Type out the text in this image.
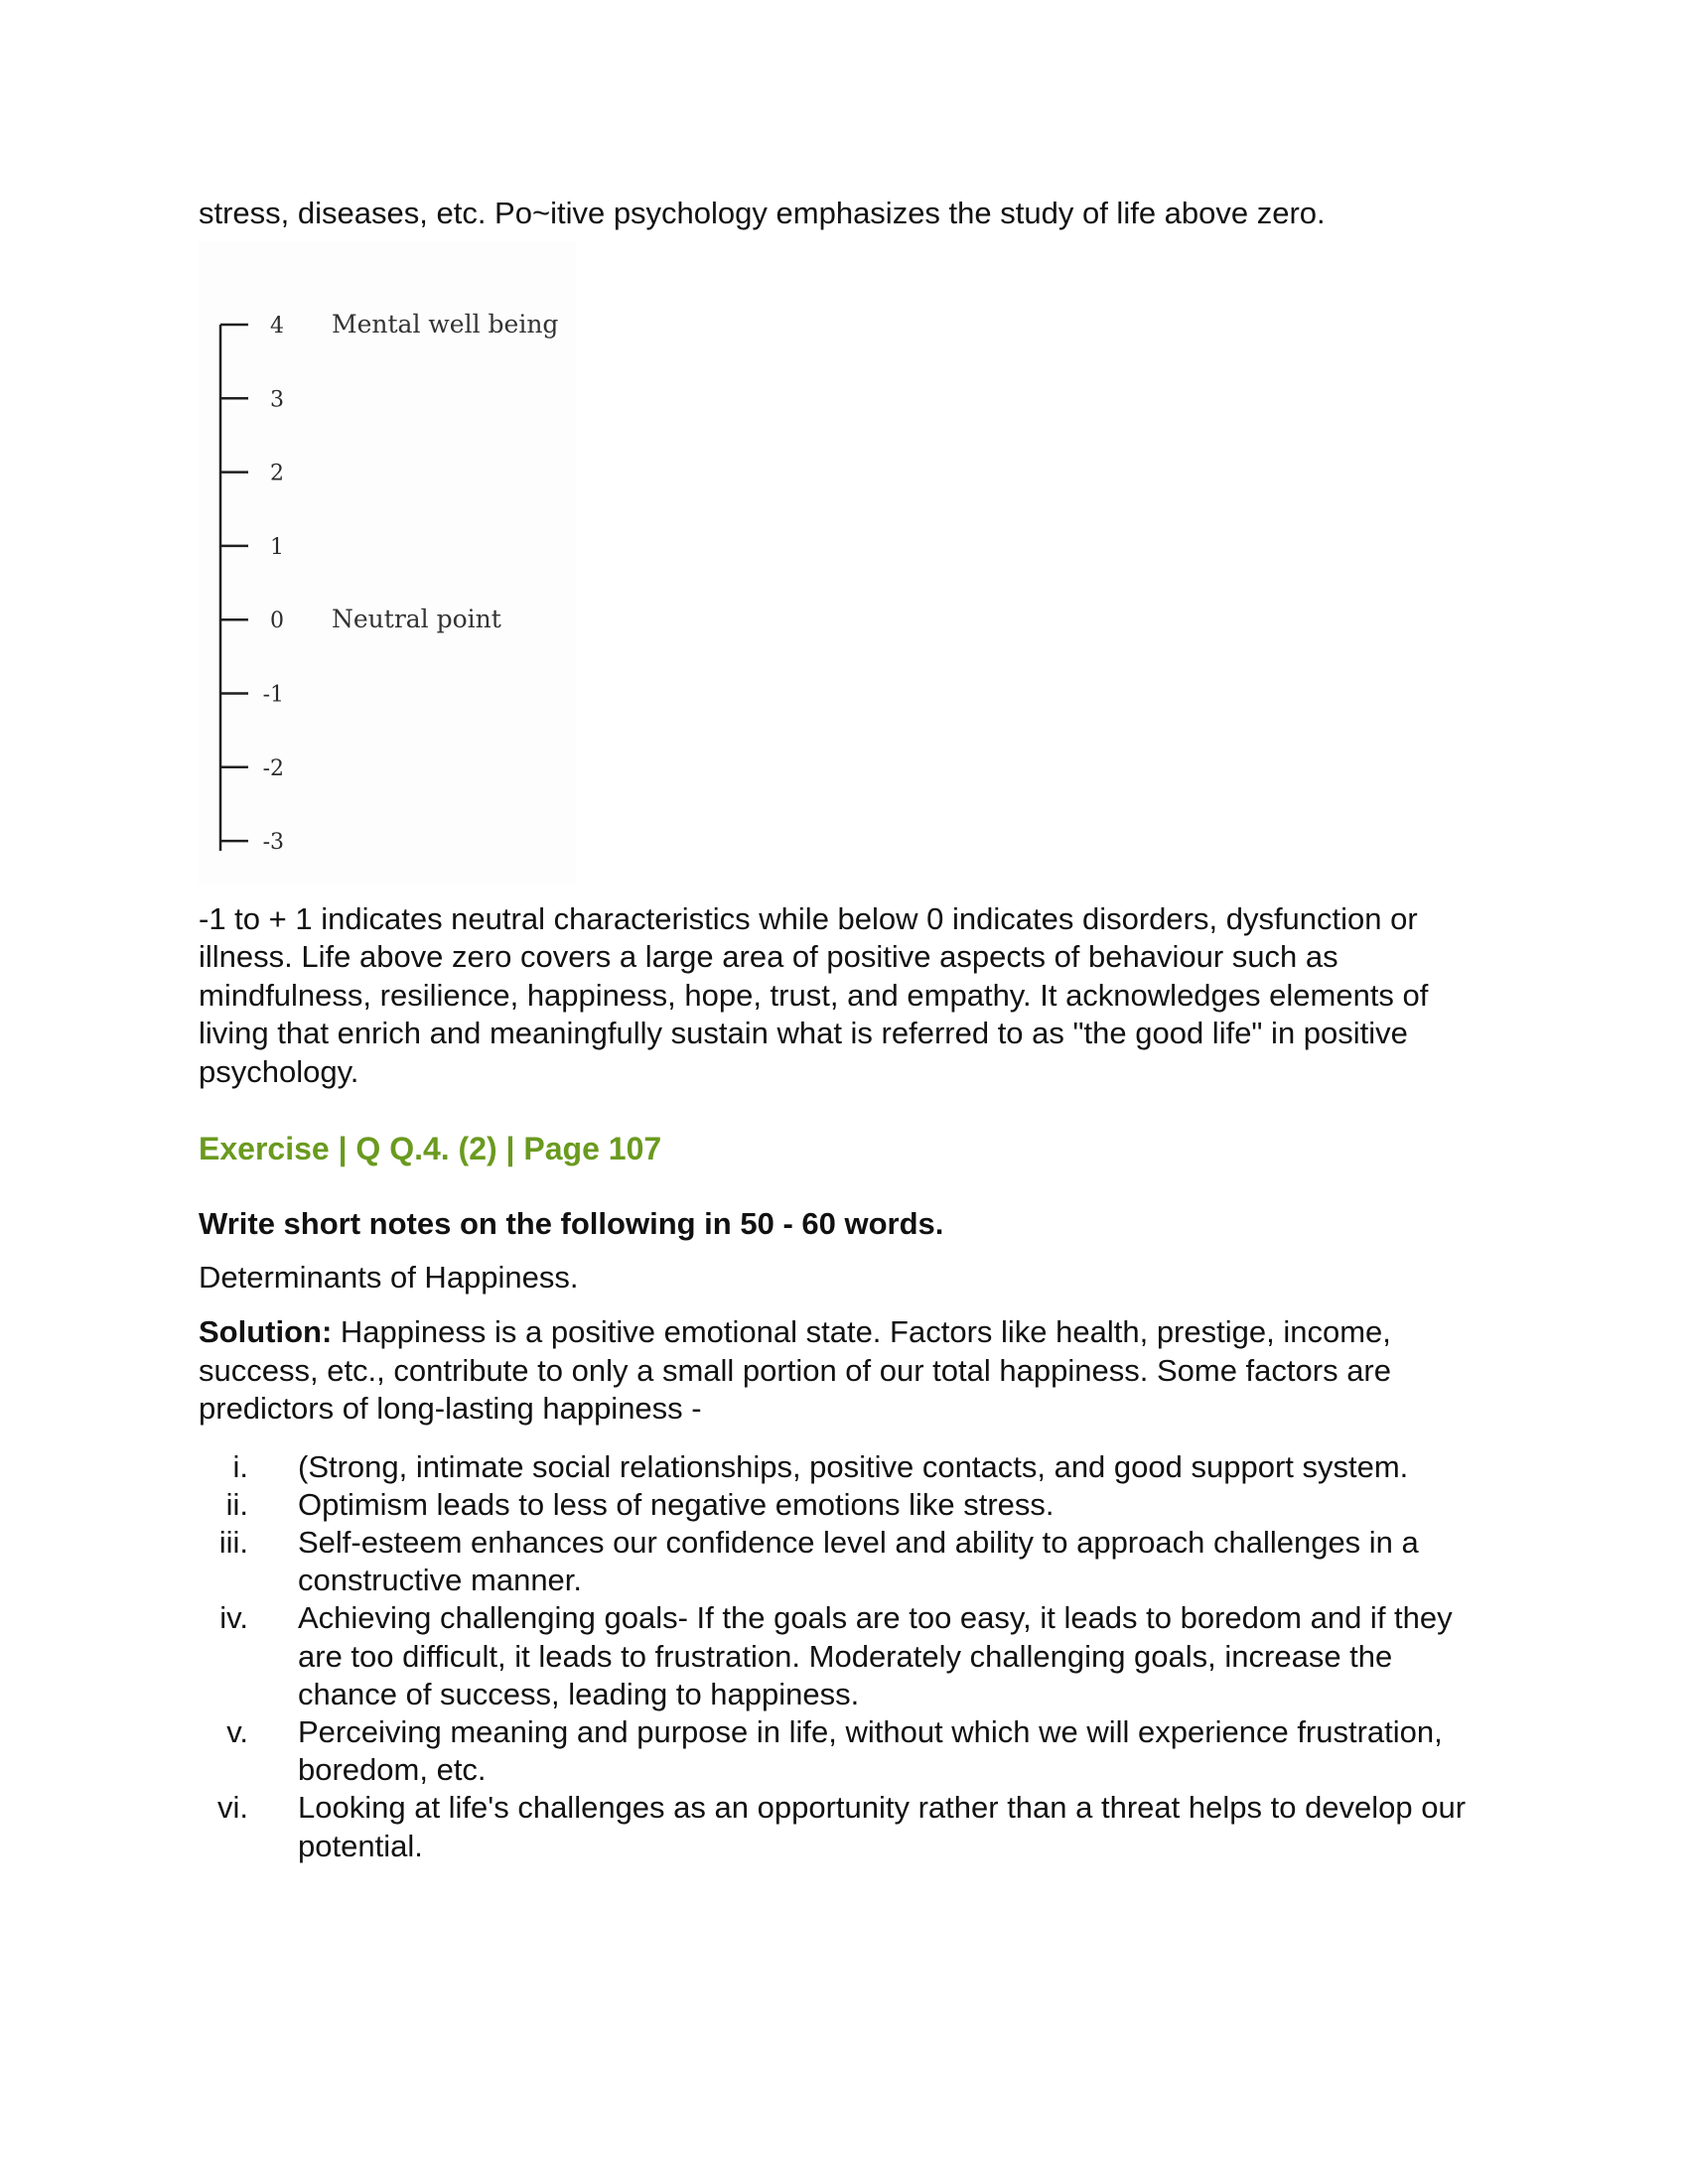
stress, diseases, etc. Po~itive psychology emphasizes the study of life above zero.

4
3
2
1
0
-1
-2
-3
Mental well being
Neutral point

-1 to + 1 indicates neutral characteristics while below 0 indicates disorders, dysfunction or illness. Life above zero covers a large area of positive aspects of behaviour such as mindfulness, resilience, happiness, hope, trust, and empathy. It acknowledges elements of living that enrich and meaningfully sustain what is referred to as "the good life" in positive psychology.

Exercise | Q Q.4. (2) | Page 107

Write short notes on the following in 50 - 60 words.

Determinants of Happiness.

Solution: Happiness is a positive emotional state. Factors like health, prestige, income, success, etc., contribute to only a small portion of our total happiness. Some factors are predictors of long-lasting happiness -

i. (Strong, intimate social relationships, positive contacts, and good support system.
ii. Optimism leads to less of negative emotions like stress.
iii. Self-esteem enhances our confidence level and ability to approach challenges in a constructive manner.
iv. Achieving challenging goals- If the goals are too easy, it leads to boredom and if they are too difficult, it leads to frustration. Moderately challenging goals, increase the chance of success, leading to happiness.
v. Perceiving meaning and purpose in life, without which we will experience frustration, boredom, etc.
vi. Looking at life's challenges as an opportunity rather than a threat helps to develop our potential.
